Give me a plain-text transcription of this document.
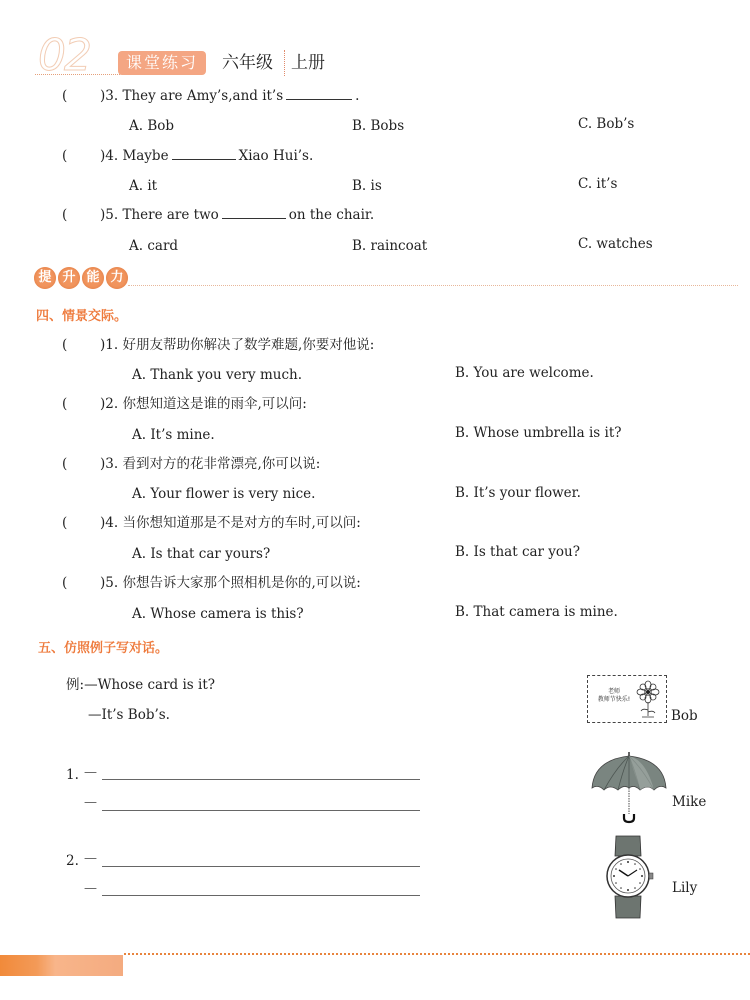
02	课堂练习	六年级 上册
( )3. They are Amy’s,and it’s	.
A. Bob	B. Bobs	C. Bob’s
( )4. Maybe	Xiao Hui’s.
A. it	B. is	C. it’s
( )5. There are two	on the chair.
A. card	B. raincoat	C. watches
提 升 能 力
四、情景交际。
( )1. 好朋友帮助你解决了数学难题,你要对他说:
A. Thank you very much.	B. You are welcome.
( )2. 你想知道这是谁的雨伞,可以问:
A. It’s mine.	B. Whose umbrella is it?
( )3. 看到对方的花非常漂亮,你可以说:
A. Your flower is very nice.	B. It’s your flower.
( )4. 当你想知道那是不是对方的车时,可以问:
A. Is that car yours?	B. Is that car you?
( )5. 你想告诉大家那个照相机是你的,可以说:
A. Whose camera is this?	B. That camera is mine.
五、仿照例子写对话。
例:—Whose card is it?
—It’s Bob’s.
1. —
—
2. —
—
老师
教师节快乐!
Bob
Mike
Lily
